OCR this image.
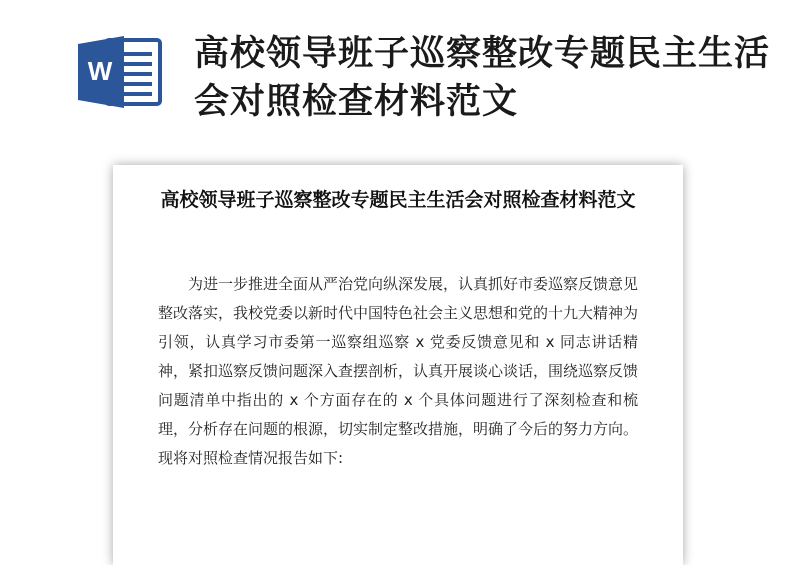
W 高校领导班子巡察整改专题民主生活会对照检查材料范文
高校领导班子巡察整改专题民主生活会对照检查材料范文

为进一步推进全面从严治党向纵深发展，认真抓好市委巡察反馈意见整改落实，我校党委以新时代中国特色社会主义思想和党的十九大精神为引领，认真学习市委第一巡察组巡察 x 党委反馈意见和 x 同志讲话精神，紧扣巡察反馈问题深入查摆剖析，认真开展谈心谈话，围绕巡察反馈问题清单中指出的 x 个方面存在的 x 个具体问题进行了深刻检查和梳理，分析存在问题的根源，切实制定整改措施，明确了今后的努力方向。现将对照检查情况报告如下:
